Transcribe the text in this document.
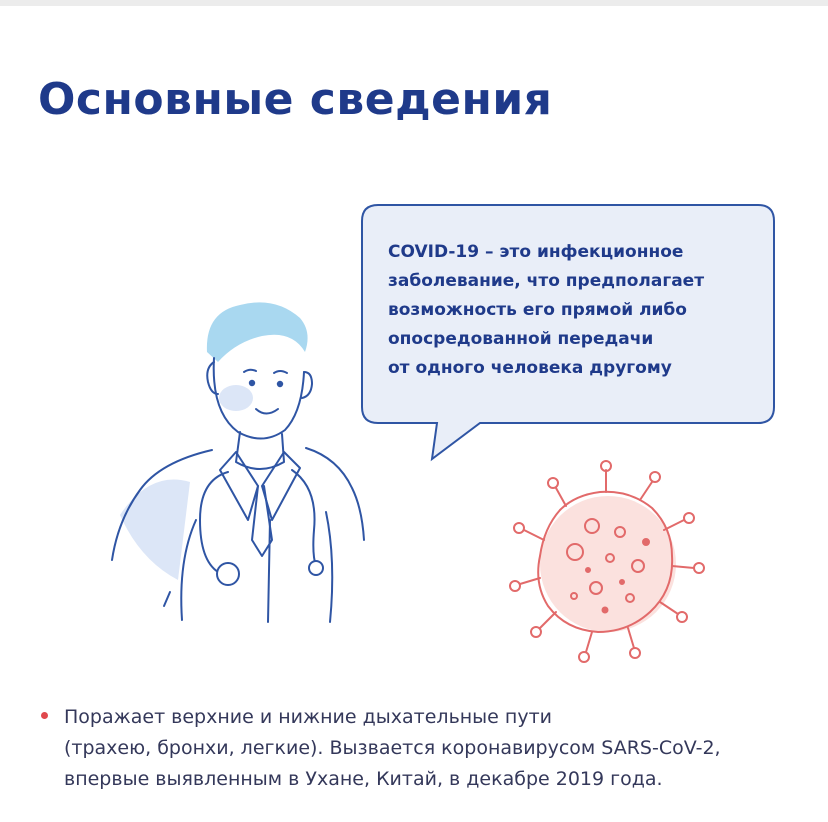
Основные сведения
COVID-19 – это инфекционное
заболевание, что предполагает
возможность его прямой либо
опосредованной передачи
от одного человека другому
Поражает верхние и нижние дыхательные пути
(трахею, бронхи, легкие). Вызвается коронавирусом SARS-CoV-2,
впервые выявленным в Ухане, Китай, в декабре 2019 года.
